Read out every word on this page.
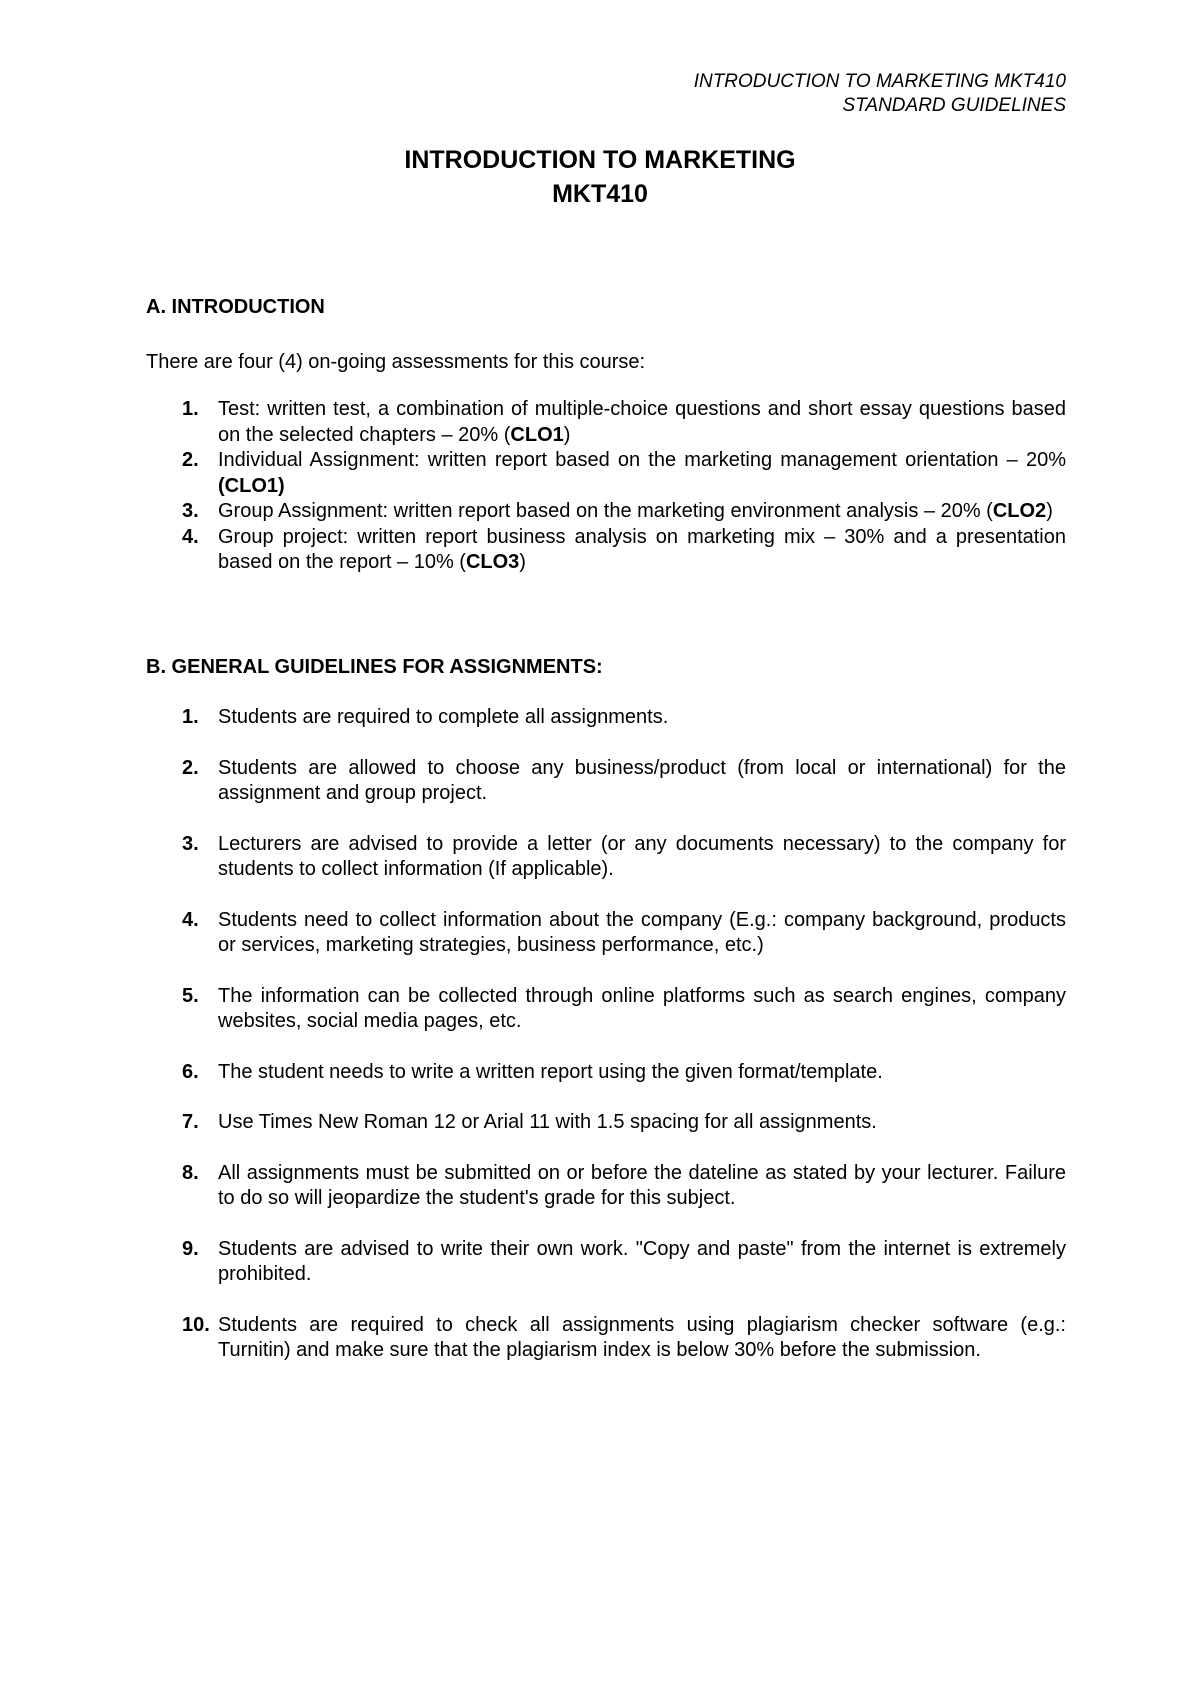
INTRODUCTION TO MARKETING MKT410
STANDARD GUIDELINES
INTRODUCTION TO MARKETING
MKT410
A. INTRODUCTION
There are four (4) on-going assessments for this course:
1. Test: written test, a combination of multiple-choice questions and short essay questions based on the selected chapters – 20% (CLO1)
2. Individual Assignment: written report based on the marketing management orientation – 20% (CLO1)
3. Group Assignment: written report based on the marketing environment analysis – 20% (CLO2)
4. Group project: written report business analysis on marketing mix – 30% and a presentation based on the report – 10% (CLO3)
B. GENERAL GUIDELINES FOR ASSIGNMENTS:
1. Students are required to complete all assignments.
2. Students are allowed to choose any business/product (from local or international) for the assignment and group project.
3. Lecturers are advised to provide a letter (or any documents necessary) to the company for students to collect information (If applicable).
4. Students need to collect information about the company (E.g.: company background, products or services, marketing strategies, business performance, etc.)
5. The information can be collected through online platforms such as search engines, company websites, social media pages, etc.
6. The student needs to write a written report using the given format/template.
7. Use Times New Roman 12 or Arial 11 with 1.5 spacing for all assignments.
8. All assignments must be submitted on or before the dateline as stated by your lecturer. Failure to do so will jeopardize the student's grade for this subject.
9. Students are advised to write their own work. "Copy and paste" from the internet is extremely prohibited.
10. Students are required to check all assignments using plagiarism checker software (e.g.: Turnitin) and make sure that the plagiarism index is below 30% before the submission.
